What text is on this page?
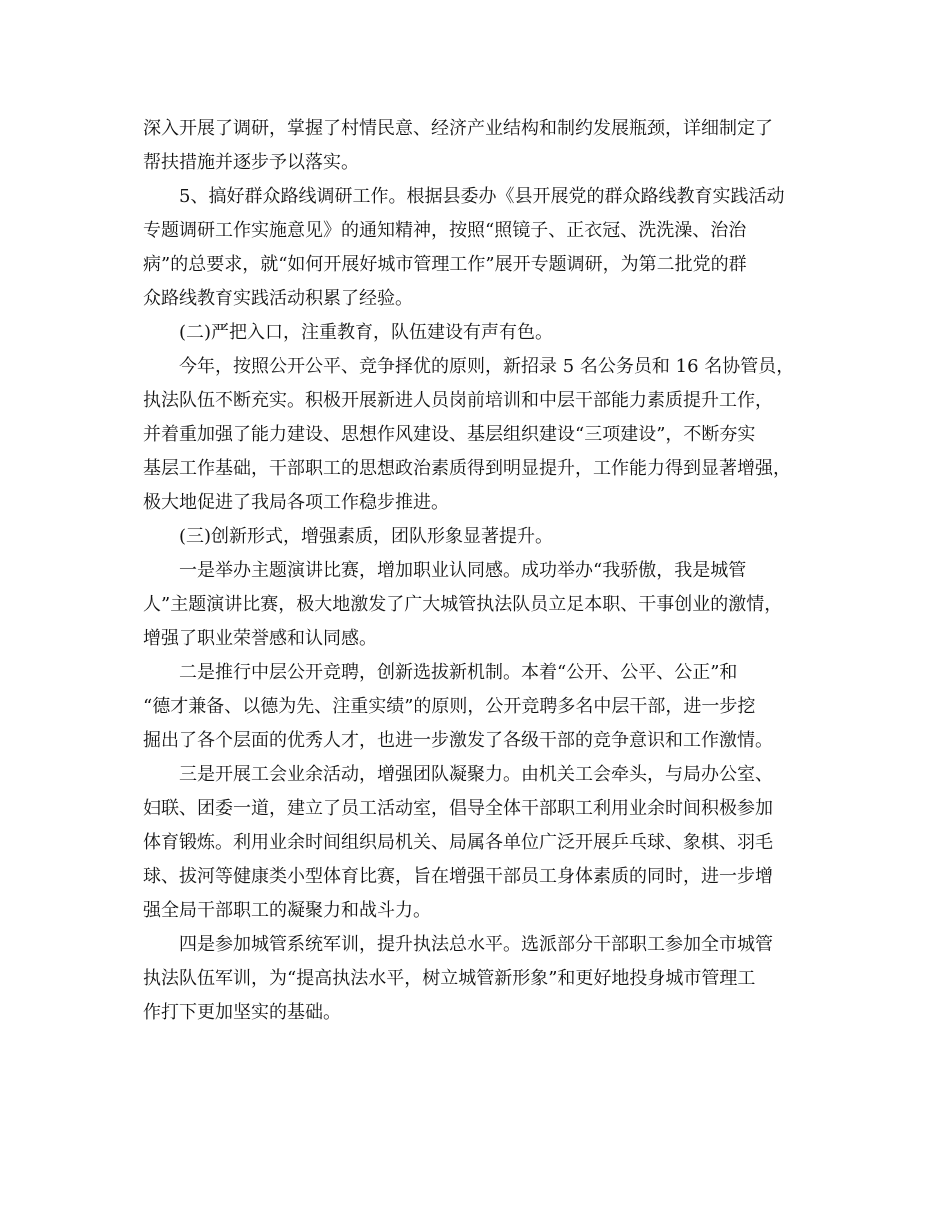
深入开展了调研，掌握了村情民意、经济产业结构和制约发展瓶颈，详细制定了
帮扶措施并逐步予以落实。
5、搞好群众路线调研工作。根据县委办《县开展党的群众路线教育实践活动
专题调研工作实施意见》的通知精神，按照“照镜子、正衣冠、洗洗澡、治治
病”的总要求，就“如何开展好城市管理工作”展开专题调研，为第二批党的群
众路线教育实践活动积累了经验。
(二)严把入口，注重教育，队伍建设有声有色。
今年，按照公开公平、竞争择优的原则，新招录 5 名公务员和 16 名协管员，
执法队伍不断充实。积极开展新进人员岗前培训和中层干部能力素质提升工作，
并着重加强了能力建设、思想作风建设、基层组织建设“三项建设”，不断夯实
基层工作基础，干部职工的思想政治素质得到明显提升，工作能力得到显著增强，
极大地促进了我局各项工作稳步推进。
(三)创新形式，增强素质，团队形象显著提升。
一是举办主题演讲比赛，增加职业认同感。成功举办“我骄傲，我是城管
人”主题演讲比赛，极大地激发了广大城管执法队员立足本职、干事创业的激情，
增强了职业荣誉感和认同感。
二是推行中层公开竞聘，创新选拔新机制。本着“公开、公平、公正”和
“德才兼备、以德为先、注重实绩”的原则，公开竞聘多名中层干部，进一步挖
掘出了各个层面的优秀人才，也进一步激发了各级干部的竞争意识和工作激情。
三是开展工会业余活动，增强团队凝聚力。由机关工会牵头，与局办公室、
妇联、团委一道，建立了员工活动室，倡导全体干部职工利用业余时间积极参加
体育锻炼。利用业余时间组织局机关、局属各单位广泛开展乒乓球、象棋、羽毛
球、拔河等健康类小型体育比赛，旨在增强干部员工身体素质的同时，进一步增
强全局干部职工的凝聚力和战斗力。
四是参加城管系统军训，提升执法总水平。选派部分干部职工参加全市城管
执法队伍军训，为“提高执法水平，树立城管新形象”和更好地投身城市管理工
作打下更加坚实的基础。
